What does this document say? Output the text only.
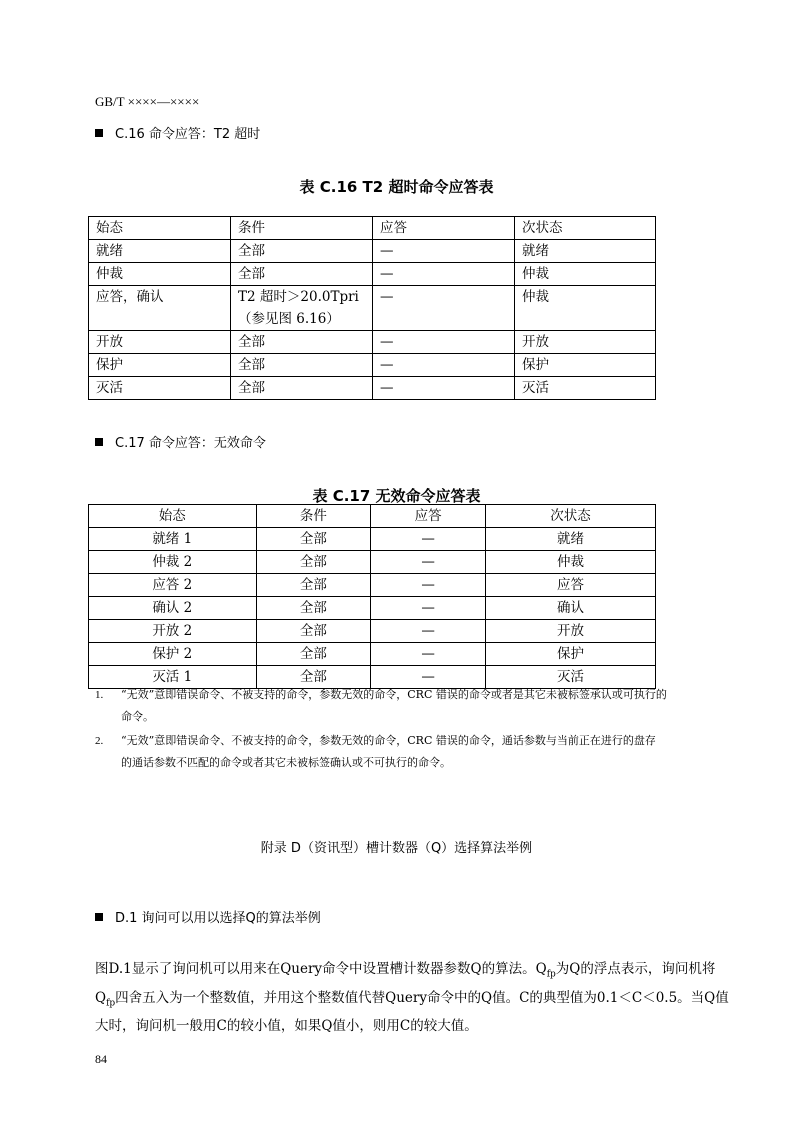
GB/T ××××—××××
C.16 命令应答：T2 超时
表 C.16 T2 超时命令应答表
始态	条件	应答	次状态
就绪	全部	—	就绪
仲裁	全部	—	仲裁
应答，确认	T2 超时＞20.0Tpri（参见图 6.16）	—	仲裁
开放	全部	—	开放
保护	全部	—	保护
灭活	全部	—	灭活
C.17 命令应答：无效命令
表 C.17 无效命令应答表
始态	条件	应答	次状态
就绪 1	全部	—	就绪
仲裁 2	全部	—	仲裁
应答 2	全部	—	应答
确认 2	全部	—	确认
开放 2	全部	—	开放
保护 2	全部	—	保护
灭活 1	全部	—	灭活
1. “无效”意即错误命令、不被支持的命令，参数无效的命令，CRC 错误的命令或者是其它未被标签承认或可执行的
命令。
2. “无效”意即错误命令、不被支持的命令，参数无效的命令，CRC 错误的命令，通话参数与当前正在进行的盘存
的通话参数不匹配的命令或者其它未被标签确认或不可执行的命令。
附录 D（资讯型）槽计数器（Q）选择算法举例
D.1 询问可以用以选择Q的算法举例
图D.1显示了询问机可以用来在Query命令中设置槽计数器参数Q的算法。$Q_{fp}$为Q的浮点表示，询问机将$Q_{fp}$四舍五入为一个整数值，并用这个整数值代替Query命令中的Q值。C的典型值为0.1＜C＜0.5。当Q值大时，询问机一般用C的较小值，如果Q值小，则用C的较大值。
84
